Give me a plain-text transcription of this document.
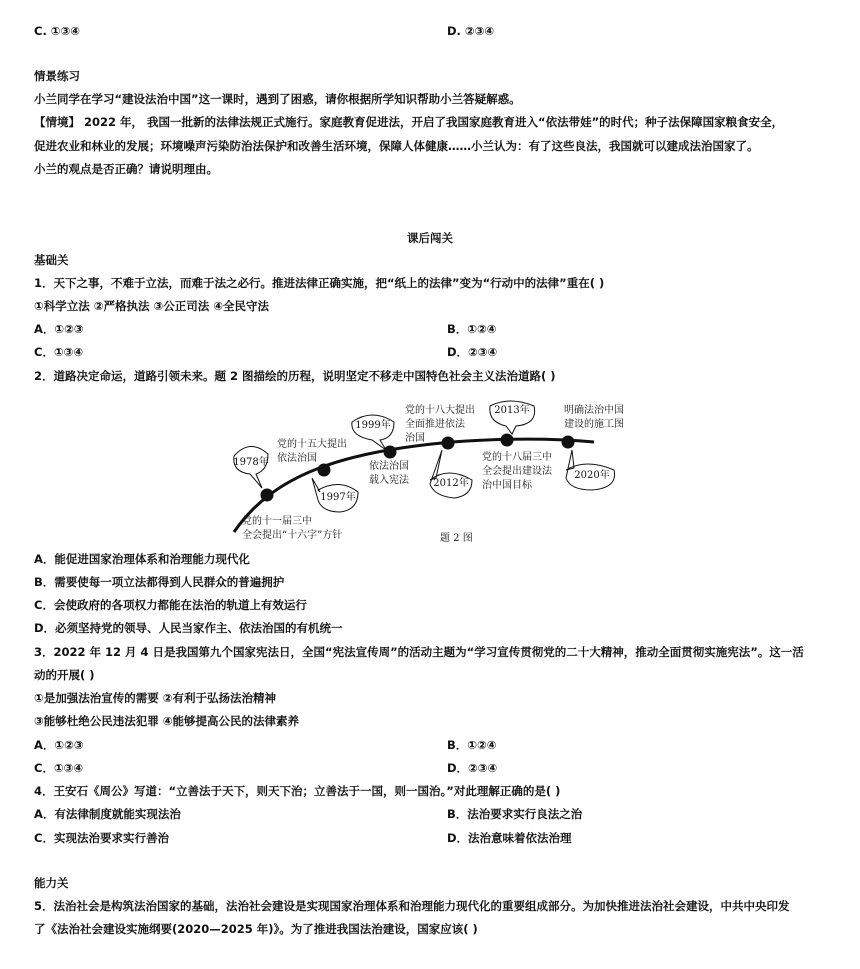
C. ①③④	D. ②③④
情景练习
小兰同学在学习“建设法治中国”这一课时，遇到了困惑，请你根据所学知识帮助小兰答疑解惑。
【情境】 2022 年， 我国一批新的法律法规正式施行。家庭教育促进法，开启了我国家庭教育进入“依法带娃”的时代；种子法保障国家粮食安全，
促进农业和林业的发展；环境噪声污染防治法保护和改善生活环境，保障人体健康……小兰认为：有了这些良法，我国就可以建成法治国家了。
小兰的观点是否正确？请说明理由。
课后闯关
基础关
1．天下之事，不难于立法，而难于法之必行。推进法律正确实施，把“纸上的法律”变为“行动中的法律”重在( )
①科学立法 ②严格执法 ③公正司法 ④全民守法
A．①②③	B．①②④
C．①③④	D．②③④
2．道路决定命运，道路引领未来。题 2 图描绘的历程，说明坚定不移走中国特色社会主义法治道路( )
1978年
1997年
1999年
2012年
2013年
2020年
党的十一届三中
全会提出“十六字”方针
党的十五大提出
依法治国
依法治国
载入宪法
党的十八大提出
全面推进依法
治国
党的十八届三中
全会提出建设法
治中国目标
明确法治中国
建设的施工图
题 2 图
A．能促进国家治理体系和治理能力现代化
B．需要使每一项立法都得到人民群众的普遍拥护
C．会使政府的各项权力都能在法治的轨道上有效运行
D．必须坚持党的领导、人民当家作主、依法治国的有机统一
3．2022 年 12 月 4 日是我国第九个国家宪法日，全国“宪法宣传周”的活动主题为“学习宣传贯彻党的二十大精神，推动全面贯彻实施宪法”。这一活
动的开展( )
①是加强法治宣传的需要 ②有利于弘扬法治精神
③能够杜绝公民违法犯罪 ④能够提高公民的法律素养
A．①②③	B．①②④
C．①③④	D．②③④
4．王安石《周公》写道：“立善法于天下，则天下治；立善法于一国，则一国治。”对此理解正确的是( )
A．有法律制度就能实现法治	B．法治要求实行良法之治
C．实现法治要求实行善治	D．法治意味着依法治理
能力关
5．法治社会是构筑法治国家的基础，法治社会建设是实现国家治理体系和治理能力现代化的重要组成部分。为加快推进法治社会建设，中共中央印发
了《法治社会建设实施纲要(2020—2025 年)》。为了推进我国法治建设，国家应该( )
